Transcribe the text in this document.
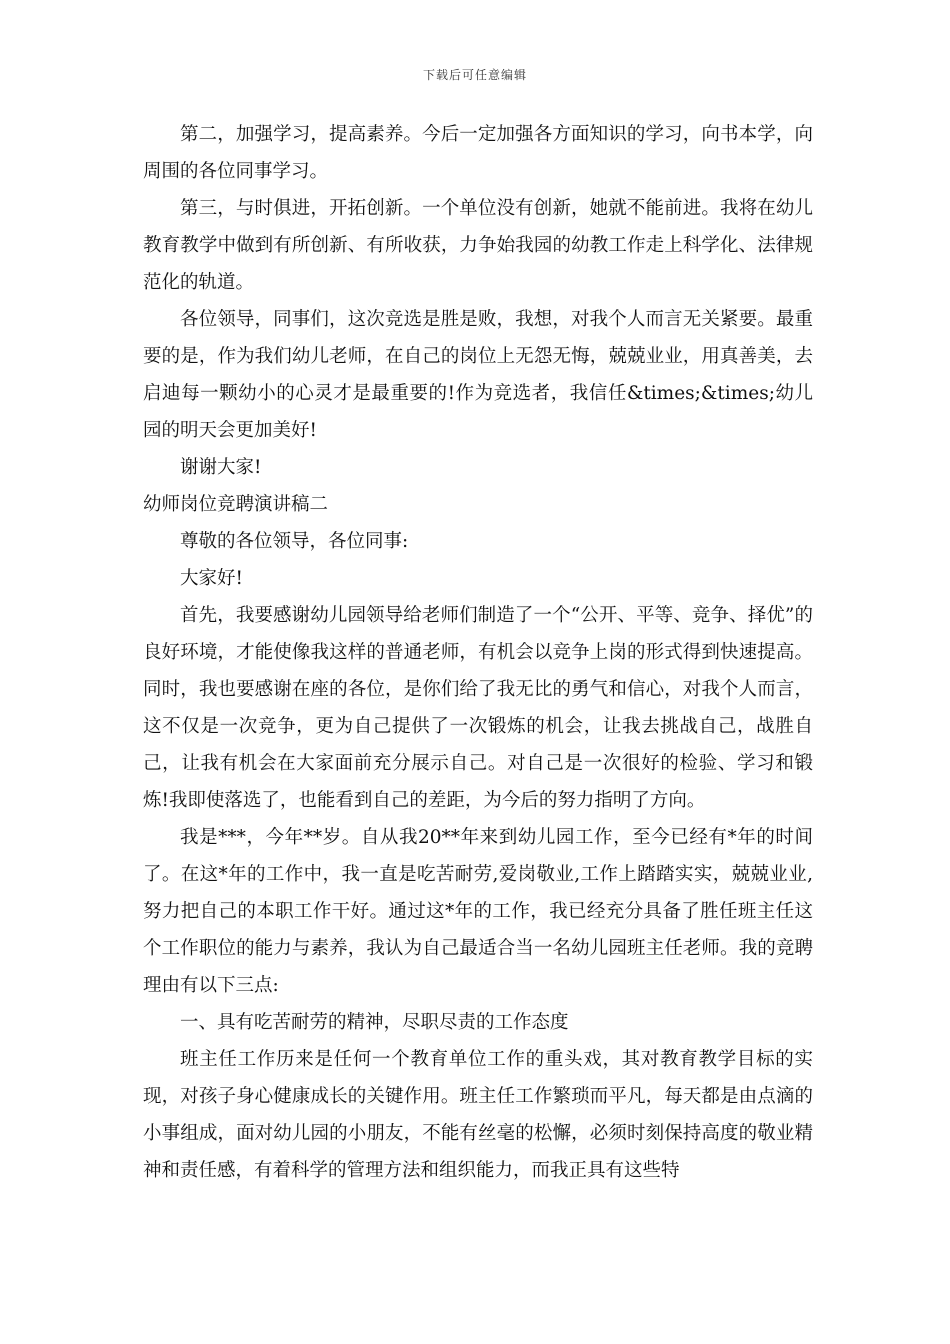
下载后可任意编辑

第二，加强学习，提高素养。今后一定加强各方面知识的学习，向书本学，向周围的各位同事学习。

第三，与时俱进，开拓创新。一个单位没有创新，她就不能前进。我将在幼儿教育教学中做到有所创新、有所收获，力争始我园的幼教工作走上科学化、法律规范化的轨道。

各位领导，同事们，这次竞选是胜是败，我想，对我个人而言无关紧要。最重要的是，作为我们幼儿老师，在自己的岗位上无怨无悔，兢兢业业，用真善美，去启迪每一颗幼小的心灵才是最重要的!作为竞选者，我信任&times;&times;幼儿园的明天会更加美好!

谢谢大家!

幼师岗位竞聘演讲稿二

尊敬的各位领导，各位同事:

大家好!

首先，我要感谢幼儿园领导给老师们制造了一个“公开、平等、竞争、择优”的良好环境，才能使像我这样的普通老师，有机会以竞争上岗的形式得到快速提高。同时，我也要感谢在座的各位，是你们给了我无比的勇气和信心，对我个人而言，这不仅是一次竞争，更为自己提供了一次锻炼的机会，让我去挑战自己，战胜自己，让我有机会在大家面前充分展示自己。对自己是一次很好的检验、学习和锻炼!我即使落选了，也能看到自己的差距，为今后的努力指明了方向。

我是***，今年**岁。自从我20**年来到幼儿园工作，至今已经有*年的时间了。在这*年的工作中，我一直是吃苦耐劳,爱岗敬业,工作上踏踏实实，兢兢业业,努力把自己的本职工作干好。通过这*年的工作，我已经充分具备了胜任班主任这个工作职位的能力与素养，我认为自己最适合当一名幼儿园班主任老师。我的竞聘理由有以下三点:

一、具有吃苦耐劳的精神，尽职尽责的工作态度

班主任工作历来是任何一个教育单位工作的重头戏，其对教育教学目标的实现，对孩子身心健康成长的关键作用。班主任工作繁琐而平凡，每天都是由点滴的小事组成，面对幼儿园的小朋友，不能有丝毫的松懈，必须时刻保持高度的敬业精神和责任感，有着科学的管理方法和组织能力，而我正具有这些特
